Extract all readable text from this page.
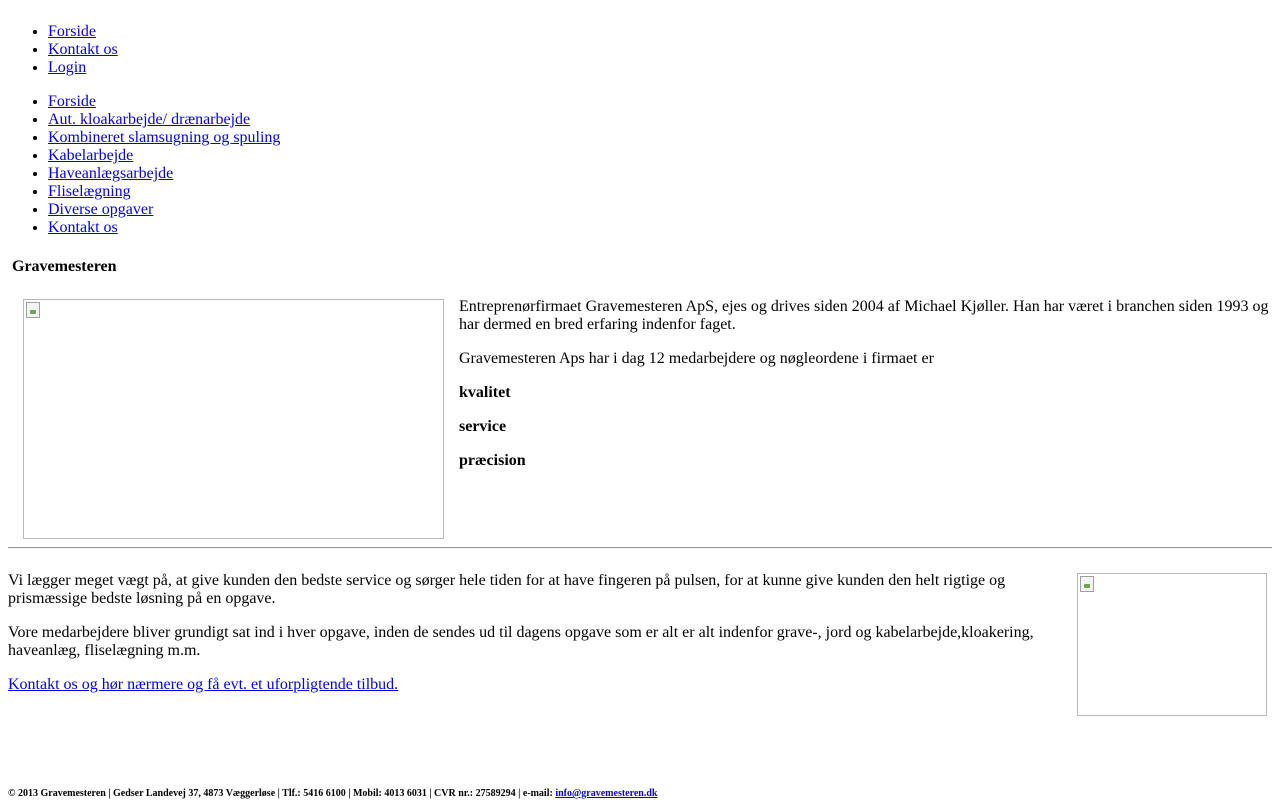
• Forside
• Kontakt os
• Login
• Forside
• Aut. kloakarbejde/ drænarbejde
• Kombineret slamsugning og spuling
• Kabelarbejde
• Haveanlægsarbejde
• Fliselægning
• Diverse opgaver
• Kontakt os
Gravemesteren

Entreprenørfirmaet Gravemesteren ApS, ejes og drives siden 2004 af Michael Kjøller. Han har været i branchen siden 1993 og har dermed en bred erfaring indenfor faget.

Gravemesteren Aps har i dag 12 medarbejdere og nøgleordene i firmaet er

kvalitet

service

præcision

Vi lægger meget vægt på, at give kunden den bedste service og sørger hele tiden for at have fingeren på pulsen, for at kunne give kunden den helt rigtige og prismæssige bedste løsning på en opgave.

Vore medarbejdere bliver grundigt sat ind i hver opgave, inden de sendes ud til dagens opgave som er alt er alt indenfor grave-, jord og kabelarbejde,kloakering, haveanlæg, fliselægning m.m.

Kontakt os og hør nærmere og få evt. et uforpligtende tilbud.

© 2013 Gravemesteren | Gedser Landevej 37, 4873 Væggerløse | Tlf.: 5416 6100 | Mobil: 4013 6031 | CVR nr.: 27589294 | e-mail: info@gravemesteren.dk
